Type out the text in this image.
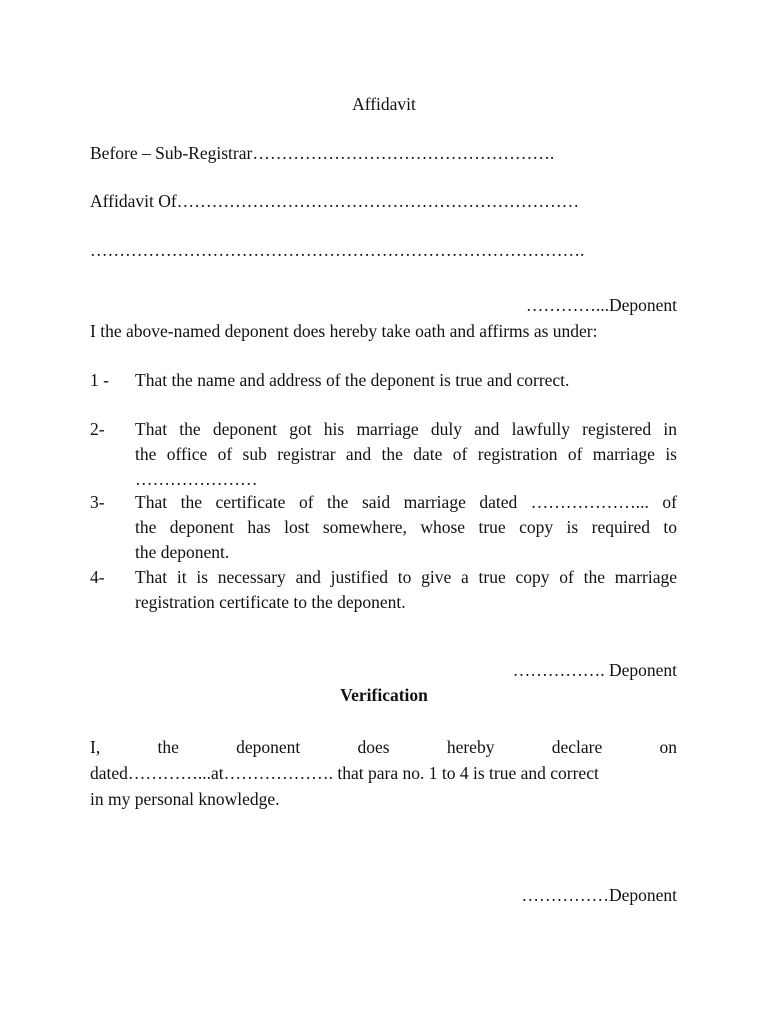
Affidavit
Before – Sub-Registrar…………………………………………….
Affidavit Of……………………………………………………………
………………………………………………………………………….
…………...Deponent
I the above-named deponent does hereby take oath and affirms as under:
1 - That the name and address of the deponent is true and correct.
2- That the deponent got his marriage duly and lawfully registered in
the office of sub registrar and the date of registration of marriage is
…………………
3- That the certificate of the said marriage dated ………………... of
the deponent has lost somewhere, whose true copy is required to
the deponent.
4- That it is necessary and justified to give a true copy of the marriage
registration certificate to the deponent.
……………. Deponent
Verification
I,	the	deponent	does	hereby	declare	on
dated…………...at………………. that para no. 1 to 4 is true and correct
in my personal knowledge.
……………Deponent
